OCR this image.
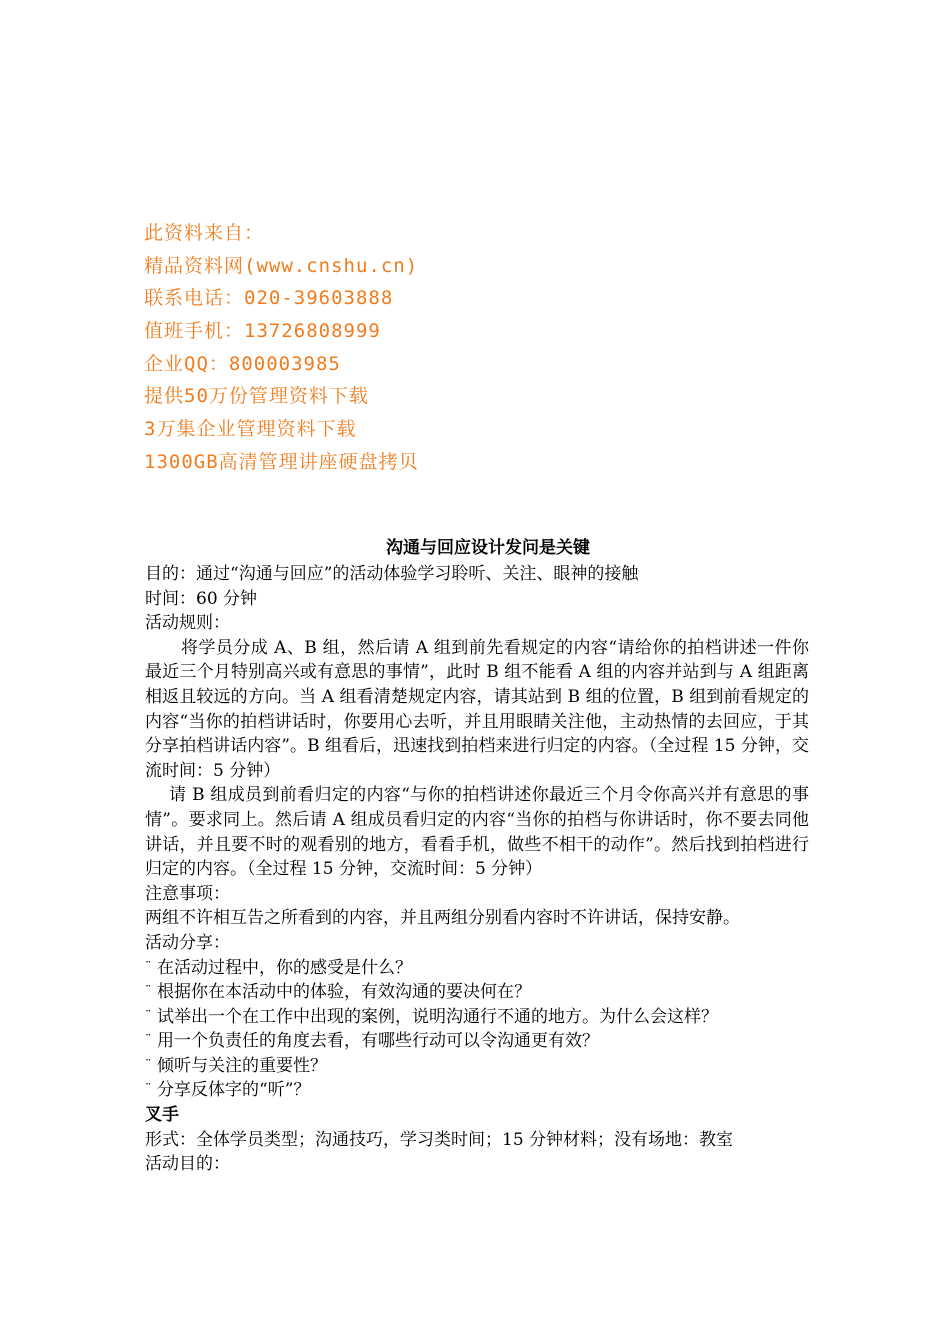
此资料来自：
精品资料网(www.cnshu.cn)
联系电话：020-39603888
值班手机：13726808999
企业QQ：800003985
提供50万份管理资料下载
3万集企业管理资料下载
1300GB高清管理讲座硬盘拷贝
沟通与回应设计发问是关键
目的：通过“沟通与回应”的活动体验学习聆听、关注、眼神的接触
时间：60 分钟
活动规则：
将学员分成 A、B 组，然后请 A 组到前先看规定的内容“请给你的拍档讲述一件你最近三个月特别高兴或有意思的事情”，此时 B 组不能看 A 组的内容并站到与 A 组距离相返且较远的方向。当 A 组看清楚规定内容，请其站到 B 组的位置，B 组到前看规定的内容“当你的拍档讲话时，你要用心去听，并且用眼睛关注他，主动热情的去回应，于其分享拍档讲话内容”。B 组看后，迅速找到拍档来进行归定的内容。（全过程 15 分钟，交流时间：5 分钟）
请 B 组成员到前看归定的内容“与你的拍档讲述你最近三个月令你高兴并有意思的事情”。要求同上。然后请 A 组成员看归定的内容“当你的拍档与你讲话时，你不要去同他讲话，并且要不时的观看别的地方，看看手机，做些不相干的动作”。然后找到拍档进行归定的内容。（全过程 15 分钟，交流时间：5 分钟）
注意事项：
两组不许相互告之所看到的内容，并且两组分别看内容时不许讲话，保持安静。
活动分享：
¨ 在活动过程中，你的感受是什么？
¨ 根据你在本活动中的体验，有效沟通的要决何在？
¨ 试举出一个在工作中出现的案例，说明沟通行不通的地方。为什么会这样？
¨ 用一个负责任的角度去看，有哪些行动可以令沟通更有效？
¨ 倾听与关注的重要性？
¨ 分享反体字的“听”？
叉手
形式：全体学员类型；沟通技巧，学习类时间；15 分钟材料；没有场地：教室
活动目的：
